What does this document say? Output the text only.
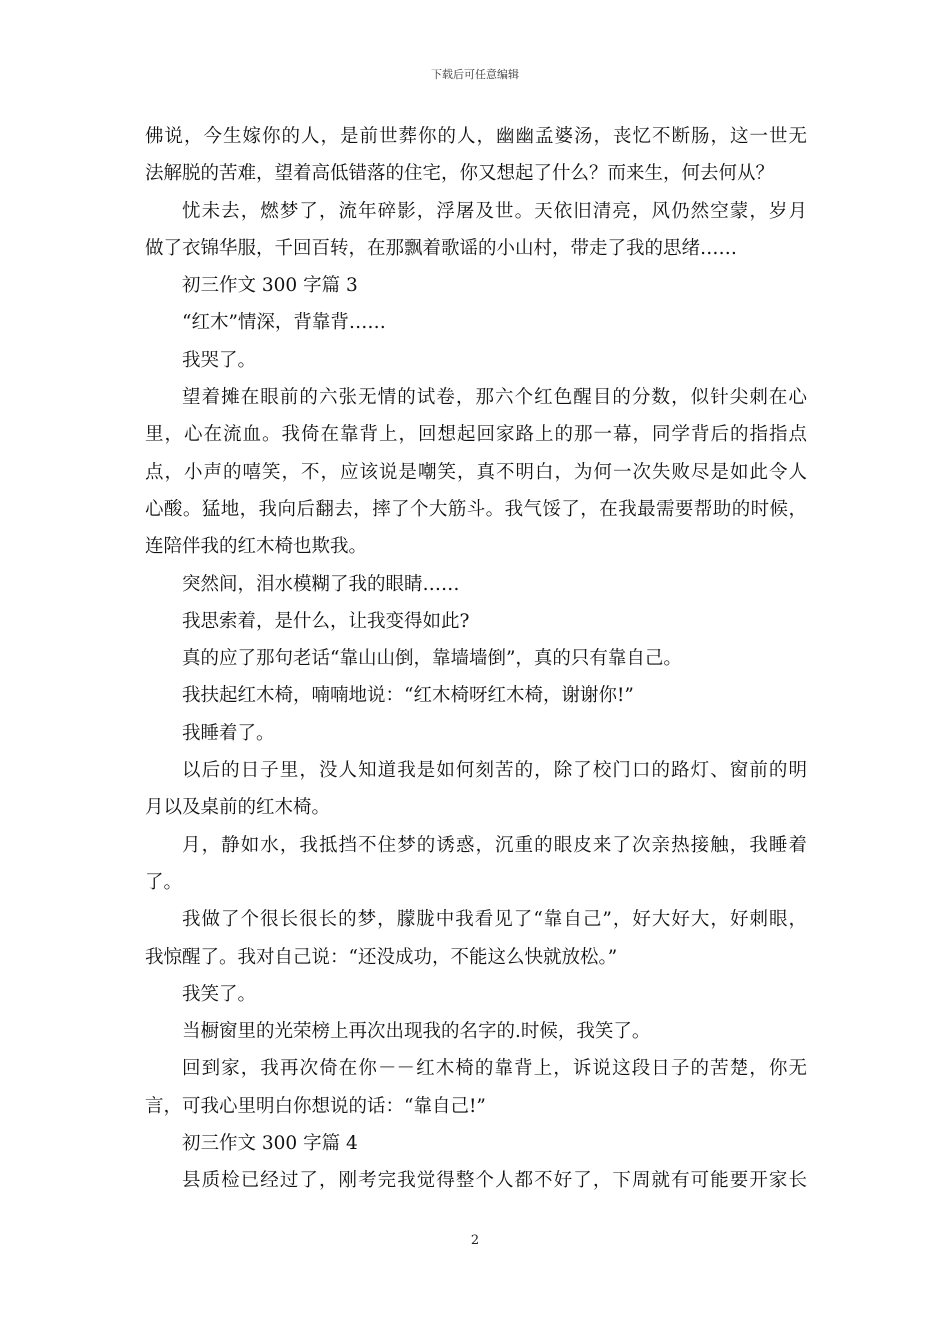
下载后可任意编辑
佛说，今生嫁你的人，是前世葬你的人，幽幽孟婆汤，丧忆不断肠，这一世无
法解脱的苦难，望着高低错落的住宅，你又想起了什么？而来生，何去何从？
忧未去，燃梦了，流年碎影，浮屠及世。天依旧清亮，风仍然空蒙，岁月
做了衣锦华服，千回百转，在那飘着歌谣的小山村，带走了我的思绪……
初三作文 300 字篇 3
“红木”情深，背靠背……
我哭了。
望着摊在眼前的六张无情的试卷，那六个红色醒目的分数，似针尖刺在心
里，心在流血。我倚在靠背上，回想起回家路上的那一幕，同学背后的指指点
点，小声的嘻笑，不，应该说是嘲笑，真不明白，为何一次失败尽是如此令人
心酸。猛地，我向后翻去，摔了个大筋斗。我气馁了，在我最需要帮助的时候，
连陪伴我的红木椅也欺我。
突然间，泪水模糊了我的眼睛……
我思索着，是什么，让我变得如此?
真的应了那句老话“靠山山倒，靠墙墙倒”，真的只有靠自己。
我扶起红木椅，喃喃地说：“红木椅呀红木椅，谢谢你!”
我睡着了。
以后的日子里，没人知道我是如何刻苦的，除了校门口的路灯、窗前的明
月以及桌前的红木椅。
月，静如水，我抵挡不住梦的诱惑，沉重的眼皮来了次亲热接触，我睡着
了。
我做了个很长很长的梦，朦胧中我看见了“靠自己”，好大好大，好刺眼，
我惊醒了。我对自己说：“还没成功，不能这么快就放松。”
我笑了。
当橱窗里的光荣榜上再次出现我的名字的.时候，我笑了。
回到家，我再次倚在你－－红木椅的靠背上，诉说这段日子的苦楚，你无
言，可我心里明白你想说的话：“靠自己!”
初三作文 300 字篇 4
县质检已经过了，刚考完我觉得整个人都不好了，下周就有可能要开家长
2
